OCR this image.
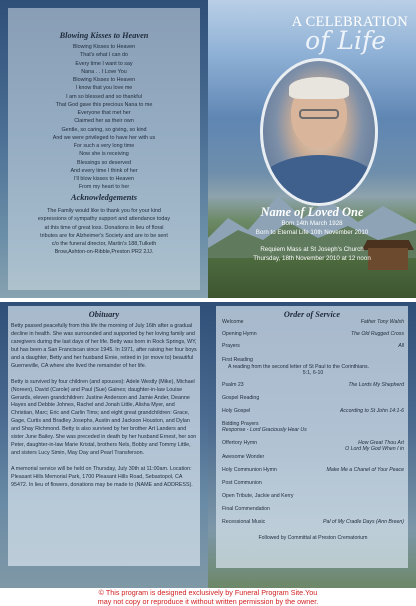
Blowing Kisses to Heaven
Blowing Kisses to Heaven
That's what I can do
Every time I want to say
Nana . . I Love You
Blowing Kisses to Heaven
I know that you love me
I am so blessed and so thankful
That God gave this precious Nana to me
Everyone that met her
Claimed her as their own
Gentle, so caring, so giving, so kind
And we were privileged to have her with us
For such a very long time
Now she is receiving
Blessings so deserved
And every time I think of her
I'll blow kisses to Heaven
From my heart to her
Acknowledgements
The Family would like to thank you for your kind
expressions of sympathy support and attendance today
at this time of great loss. Donations in lieu of floral
tributes are for Alzheimer's Society and are to be sent
c/o the funeral director, Martin's 188,Tulketh
Brow,Ashton-on-Ribble,Preston PR2 2JJ.
A CELEBRATION
of Life
Name of Loved One
Born 14th March 1928
Born to Eternal Life 10th November 2010
Requiem Mass at St Joseph's Church
Thursday, 18th November 2010 at 12 noon
Obituary

Betty passed peacefully from this life the morning of July 16th after a gradual decline in health. She was surrounded and supported by her loving family and caregivers during the last days of her life. Betty was born in Rock Springs, WY, but has been a San Franciscan since 1945. In 1971, after raising her four boys and a daughter, Betty and her husband Ernie, retired in (or move to) beautiful Guerneville, CA where she lived the remainder of her life.

Betty is survived by four children (and spouses): Adele Westly (Mike), Michael (Noreen), David (Carole) and Paul (Sue) Gaines; daughter-in-law Louise Gerards, eleven grandchildren: Justine Anderson and Jamie Ander, Deanne Hayes and Debbie Johnes, Rachel and Jonah Little, Alisha Myer, and Christian, Marc; Eric and Carlin Tims; and eight great grandchildren: Grace, Gage, Curtis and Bradley Josephs, Austin and Jackson Houston, and Dylan and Shay Richmond. Betty is also survived by her brother Art Landers and sister June Bailey. She was preceded in death by her husband Ernest, her son Peter, daughter-in-law Marie Kristal, brothers Nels, Bobby and Tommy Little, and sisters Lucy Simin, May Day and Pearl Transferson.

A memorial service will be held on Thursday, July 30th at 11:00am. Location: Pleasant Hills Memorial Park, 1700 Pleasant Hills Road, Sebastopol, CA 95472. In lieu of flowers, donations may be made to (NAME and ADDRESS).

Order of Service
Welcome	Father Tony Walsh
Opening Hymn	The Old Rugged Cross
Prayers	All
First Reading
A reading from the second letter of St Paul to the Corinthians.
5:1, 6-10
Psalm 23	The Lords My Shepherd
Gospel Reading
Holy Gospel	According to St John 14:1-6
Bidding Prayers
Response - Lord Graciously Hear Us
Offertory Hymn	How Great Thou Art
O Lord My God When I in
Awesome Wonder
Holy Communion Hymn	Make Me a Chanel of Your Peace
Post Communion
Open Tribute, Jackie and Kerry
Final Commendation
Recessional Music	Pal of My Cradle Days (Ann Breen)
Followed by Committal at Preston Crematorium
© This program is designed exclusively by Funeral Program Site.You
may not copy or reproduce it without written permission by the owner.
